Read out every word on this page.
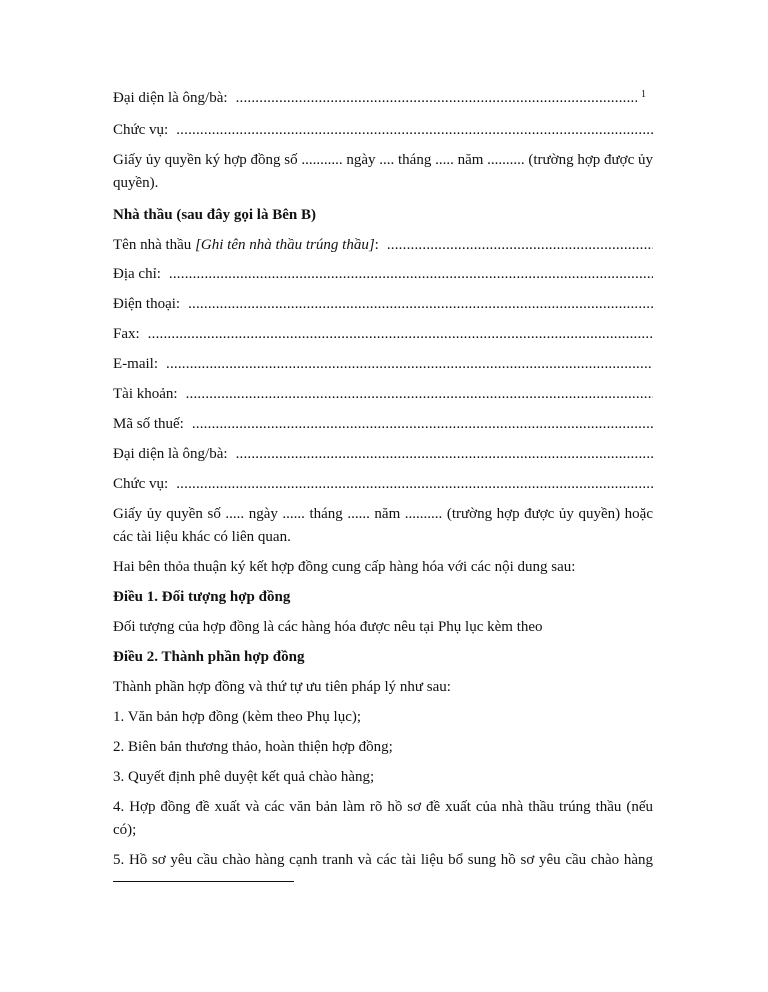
Đại diện là ông/bà:
.....	1
Chức vụ:
.....
Giấy ủy quyền ký hợp đồng số ........... ngày .... tháng ..... năm .......... (trường hợp được ủy
quyền).
Nhà thầu (sau đây gọi là Bên B)
Tên nhà thầu [Ghi tên nhà thầu trúng thầu]:
.....
Địa chỉ:
.....
Điện thoại:
.....
Fax:
.....
E-mail:
.....
Tài khoản:
.....
Mã số thuế:
.....
Đại diện là ông/bà:
.....
Chức vụ:
.....
Giấy ủy quyền số ..... ngày ...... tháng ...... năm .......... (trường hợp được ủy quyền) hoặc
các tài liệu khác có liên quan.
Hai bên thỏa thuận ký kết hợp đồng cung cấp hàng hóa với các nội dung sau:
Điều 1. Đối tượng hợp đồng
Đối tượng của hợp đồng là các hàng hóa được nêu tại Phụ lục kèm theo
Điều 2. Thành phần hợp đồng
Thành phần hợp đồng và thứ tự ưu tiên pháp lý như sau:
1. Văn bản hợp đồng (kèm theo Phụ lục);
2. Biên bản thương thảo, hoàn thiện hợp đồng;
3. Quyết định phê duyệt kết quả chào hàng;
4. Hợp đồng đề xuất và các văn bản làm rõ hồ sơ đề xuất của nhà thầu trúng thầu (nếu
có);
5. Hồ sơ yêu cầu chào hàng cạnh tranh và các tài liệu bổ sung hồ sơ yêu cầu chào hàng
